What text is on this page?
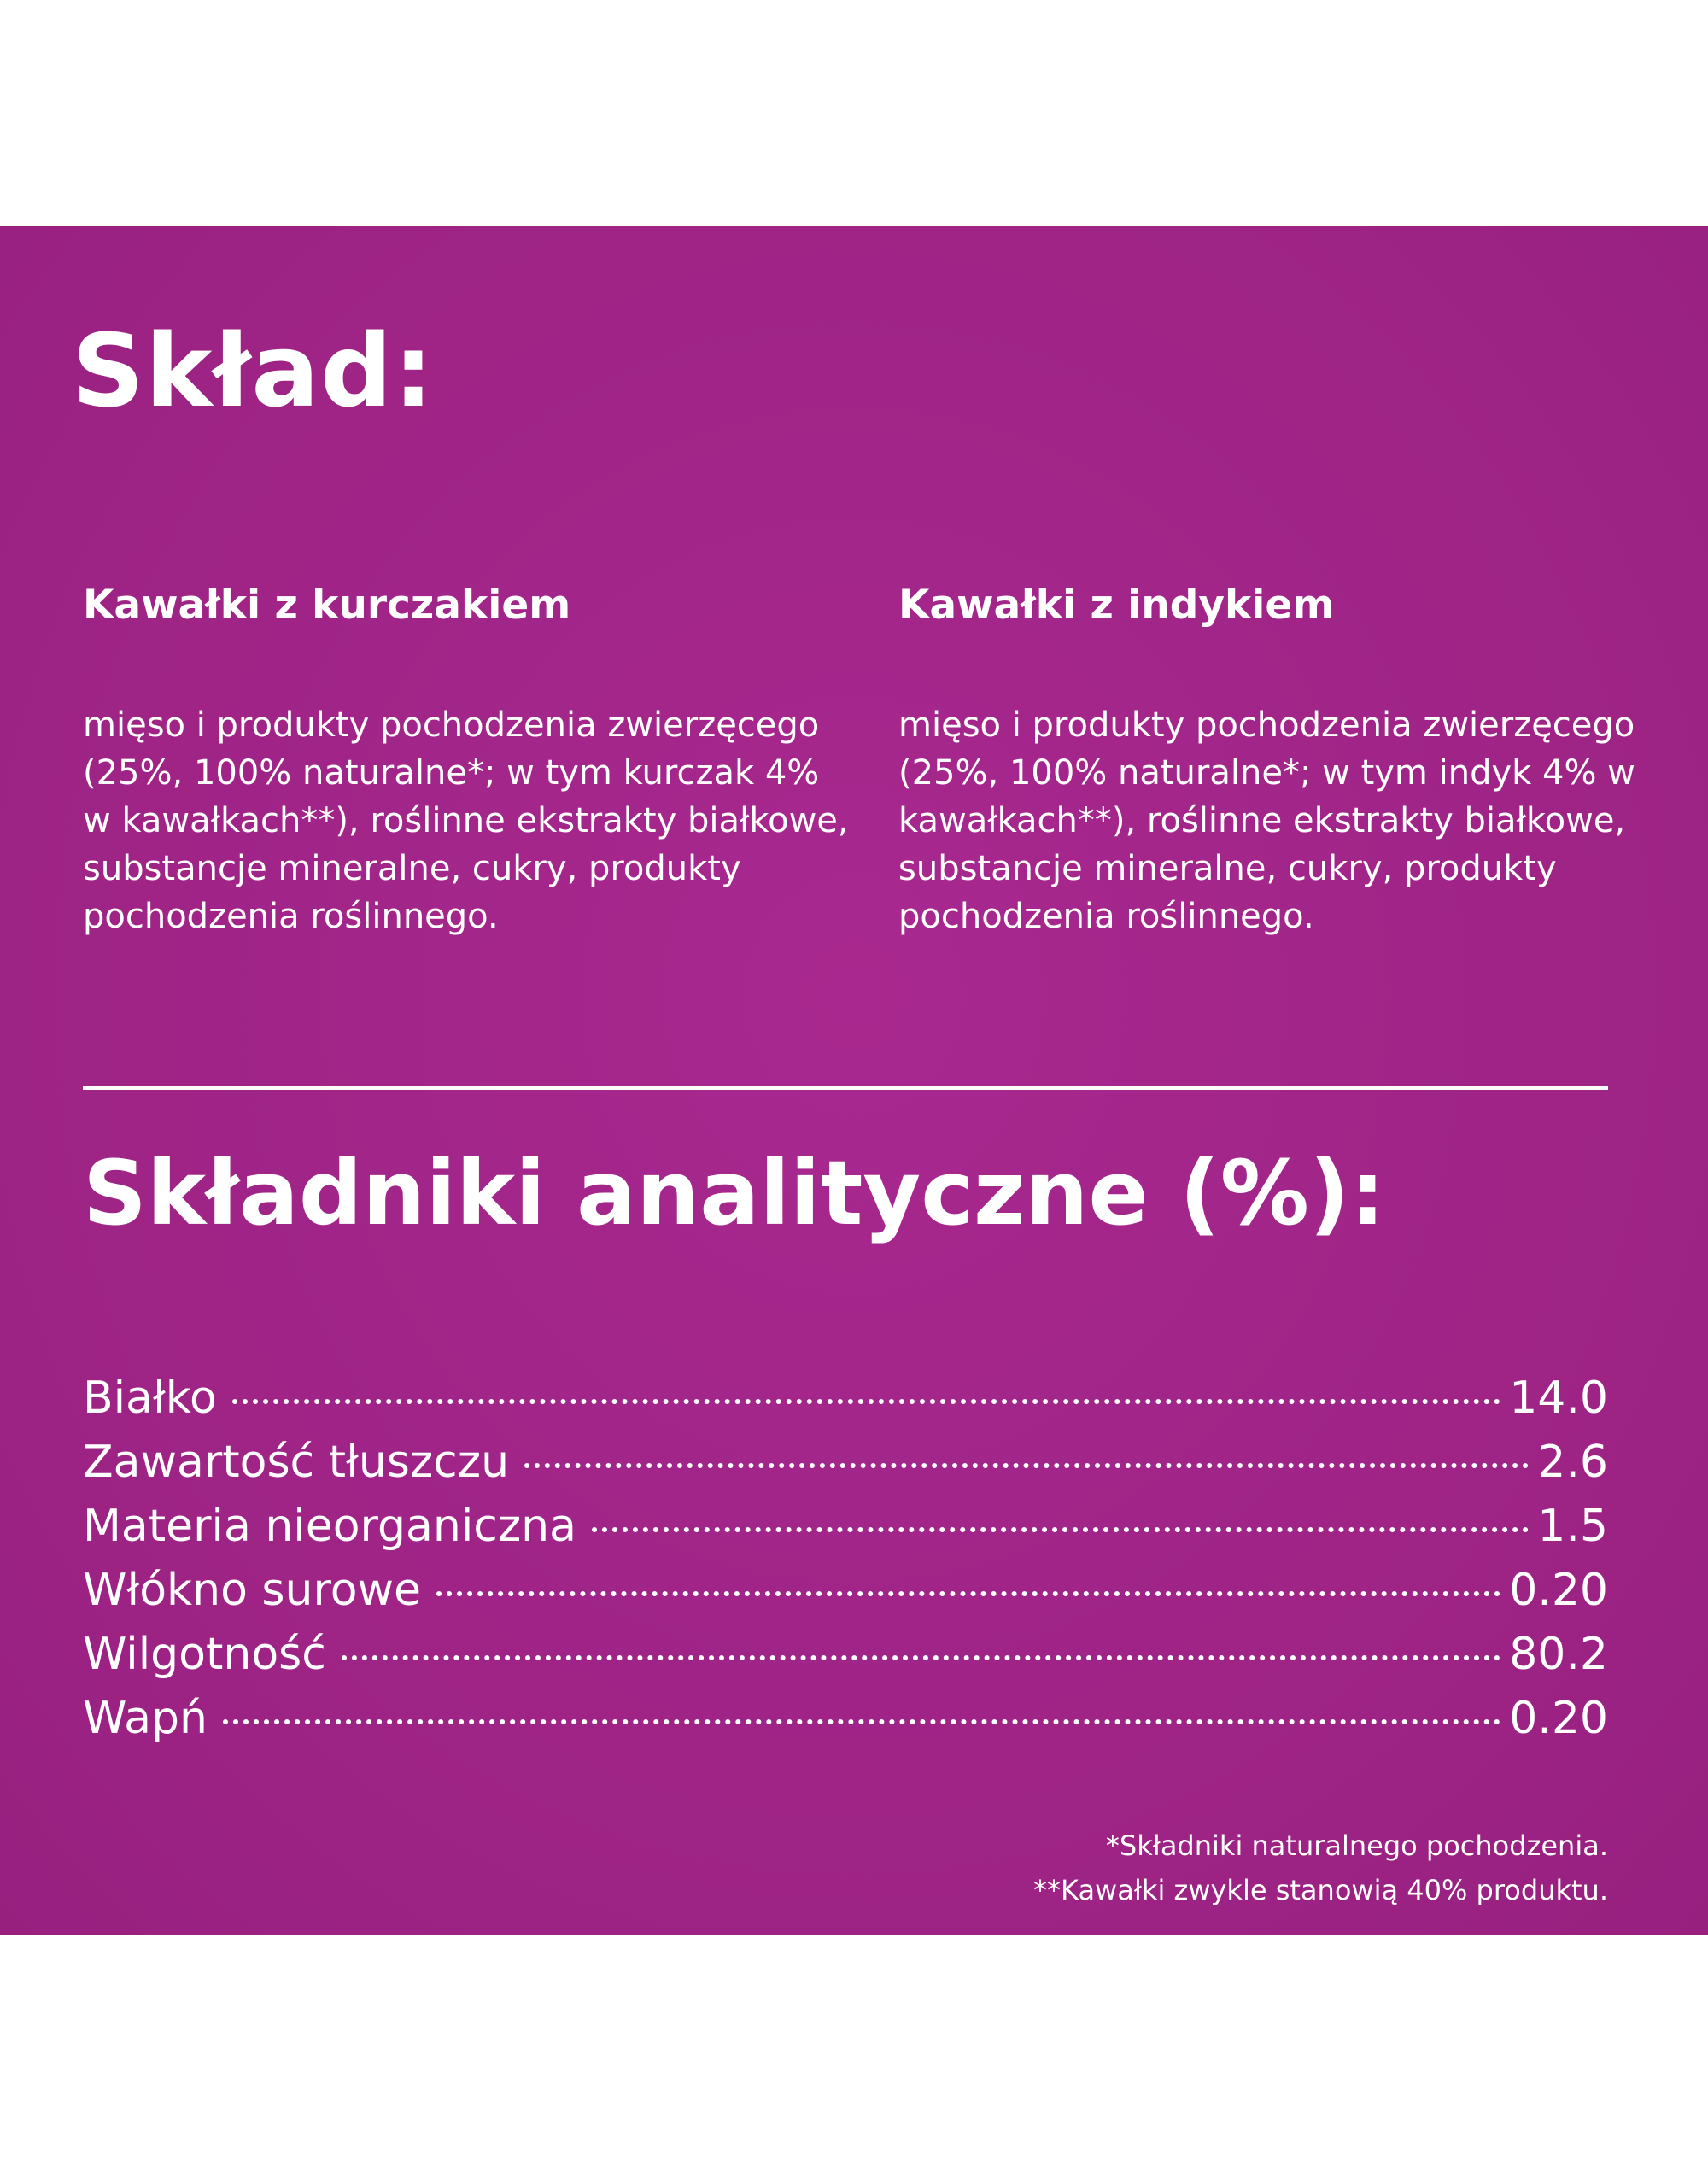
Skład:
Kawałki z kurczakiem

mięso i produkty pochodzenia zwierzęcego (25%, 100% naturalne*; w tym kurczak 4% w kawałkach**), roślinne ekstrakty białkowe, substancje mineralne, cukry, produkty pochodzenia roślinnego.

Kawałki z indykiem

mięso i produkty pochodzenia zwierzęcego (25%, 100% naturalne*; w tym indyk 4% w kawałkach**), roślinne ekstrakty białkowe, substancje mineralne, cukry, produkty pochodzenia roślinnego.

Składniki analityczne (%):
Białko	14.0
Zawartość tłuszczu	2.6
Materia nieorganiczna	1.5
Włókno surowe	0.20
Wilgotność	80.2
Wapń	0.20
*Składniki naturalnego pochodzenia.
**Kawałki zwykle stanowią 40% produktu.
